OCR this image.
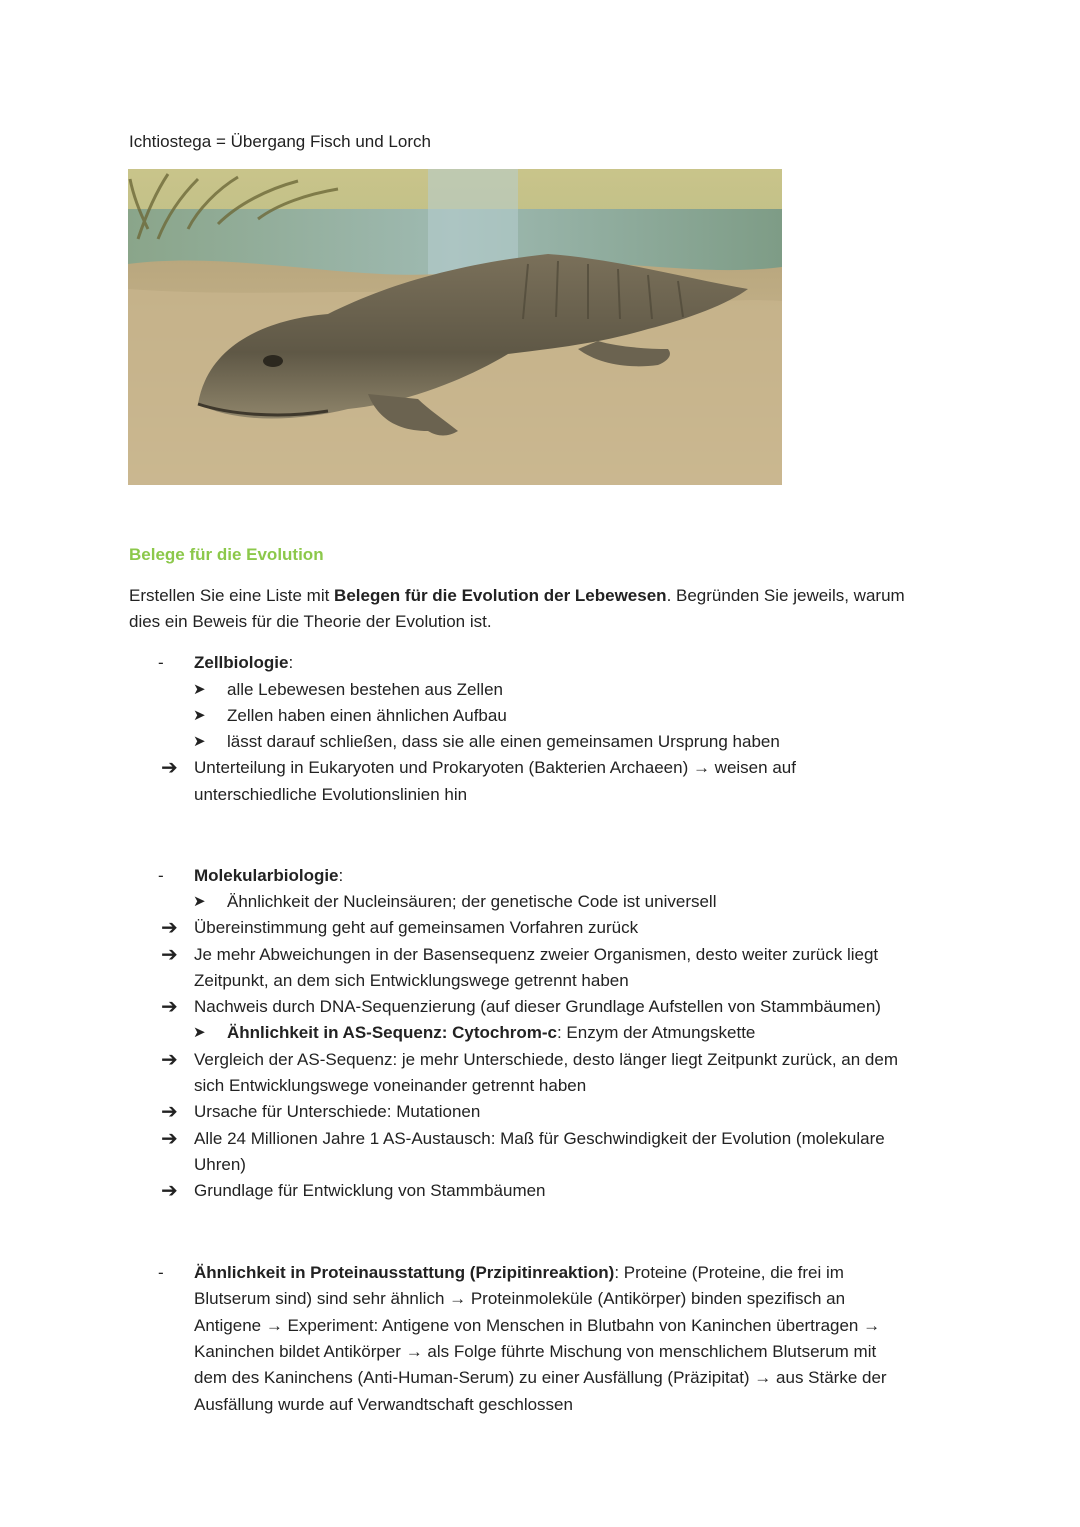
Ichtiostega = Übergang Fisch und Lorch
Belege für die Evolution
Erstellen Sie eine Liste mit Belegen für die Evolution der Lebewesen. Begründen Sie jeweils, warum
dies ein Beweis für die Theorie der Evolution ist.
- Zellbiologie:
➤ alle Lebewesen bestehen aus Zellen
➤ Zellen haben einen ähnlichen Aufbau
➤ lässt darauf schließen, dass sie alle einen gemeinsamen Ursprung haben
➔ Unterteilung in Eukaryoten und Prokaryoten (Bakterien Archaeen) → weisen auf
unterschiedliche Evolutionslinien hin
- Molekularbiologie:
➤ Ähnlichkeit der Nucleinsäuren; der genetische Code ist universell
➔ Übereinstimmung geht auf gemeinsamen Vorfahren zurück
➔ Je mehr Abweichungen in der Basensequenz zweier Organismen, desto weiter zurück liegt
Zeitpunkt, an dem sich Entwicklungswege getrennt haben
➔ Nachweis durch DNA-Sequenzierung (auf dieser Grundlage Aufstellen von Stammbäumen)
➤ Ähnlichkeit in AS-Sequenz: Cytochrom-c: Enzym der Atmungskette
➔ Vergleich der AS-Sequenz: je mehr Unterschiede, desto länger liegt Zeitpunkt zurück, an dem
sich Entwicklungswege voneinander getrennt haben
➔ Ursache für Unterschiede: Mutationen
➔ Alle 24 Millionen Jahre 1 AS-Austausch: Maß für Geschwindigkeit der Evolution (molekulare
Uhren)
➔ Grundlage für Entwicklung von Stammbäumen
- Ähnlichkeit in Proteinausstattung (Przipitinreaktion): Proteine (Proteine, die frei im
Blutserum sind) sind sehr ähnlich → Proteinmoleküle (Antikörper) binden spezifisch an
Antigene → Experiment: Antigene von Menschen in Blutbahn von Kaninchen übertragen →
Kaninchen bildet Antikörper → als Folge führte Mischung von menschlichem Blutserum mit
dem des Kaninchens (Anti-Human-Serum) zu einer Ausfällung (Präzipitat) → aus Stärke der
Ausfällung wurde auf Verwandtschaft geschlossen
